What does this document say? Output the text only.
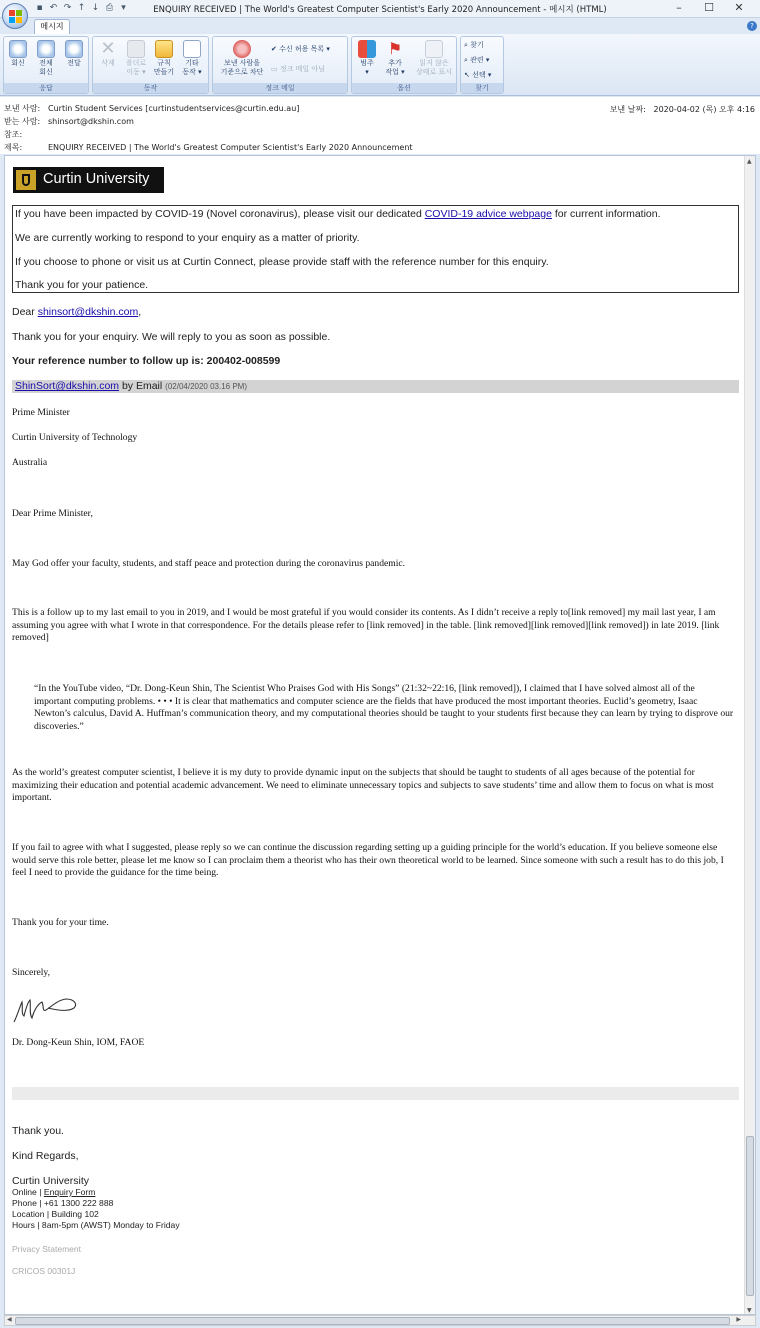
▪ ↶ ↷ ↑ ↓ ⎙ ▾	ENQUIRY RECEIVED | The World's Greatest Computer Scientist's Early 2020 Announcement - 메시지 (HTML)	–	☐	✕
메시지	?
회신	전체
회신
전달
응답
✕
삭제	폴더로
이동 ▾
규칙
만들기
기타
동작 ▾
동작
보낸 사람을
기준으로 차단
✔ 수신 허용 목록 ▾
▭ 정크 메일 아님
정크 메일
범주
▾
⚑
추가
작업 ▾
읽지 않은
상태로 표시
옵션
⌕ 찾기
⌕ 관련 ▾
↖ 선택 ▾
찾기
보낸 사람: Curtin Student Services [curtinstudentservices@curtin.edu.au]
받는 사람: shinsort@dkshin.com
참조:
제목:	ENQUIRY RECEIVED | The World's Greatest Computer Scientist's Early 2020 Announcement
보낸 날짜: 2020-04-02 (목) 오후 4:16
Curtin University

If you have been impacted by COVID-19 (Novel coronavirus), please visit our dedicated COVID-19 advice webpage for current information.

We are currently working to respond to your enquiry as a matter of priority.

If you choose to phone or visit us at Curtin Connect, please provide staff with the reference number for this enquiry.

Thank you for your patience.

Dear shinsort@dkshin.com,

Thank you for your enquiry. We will reply to you as soon as possible.

Your reference number to follow up is: 200402-008599

ShinSort@dkshin.com by Email (02/04/2020 03.16 PM)

Prime Minister

Curtin University of Technology

Australia

Dear Prime Minister,

May God offer your faculty, students, and staff peace and protection during the coronavirus pandemic.

This is a follow up to my last email to you in 2019, and I would be most grateful if you would consider its contents. As I didn’t receive a reply to[link removed] my mail last year, I am assuming you agree with what I wrote in that correspondence. For the details please refer to [link removed] in the table. [link removed][link removed][link removed]) in late 2019. [link removed]

“In the YouTube video, “Dr. Dong-Keun Shin, The Scientist Who Praises God with His Songs” (21:32~22:16, [link removed]), I claimed that I have solved almost all of the important computing problems. • • • It is clear that mathematics and computer science are the fields that have produced the most important theories. Euclid’s geometry, Isaac Newton’s calculus, David A. Huffman’s communication theory, and my computational theories should be taught to your students first because they can learn by trying to disprove our discoveries.”

As the world’s greatest computer scientist, I believe it is my duty to provide dynamic input on the subjects that should be taught to students of all ages because of the potential for maximizing their education and potential academic advancement. We need to eliminate unnecessary topics and subjects to save students’ time and allow them to focus on what is most important.

If you fail to agree with what I suggested, please reply so we can continue the discussion regarding setting up a guiding principle for the world’s education. If you believe someone else would serve this role better, please let me know so I can proclaim them a theorist who has their own theoretical world to be learned. Since someone with such a result has to do this job, I feel I need to provide the guidance for the time being.

Thank you for your time.

Sincerely,

Dr. Dong-Keun Shin, IOM, FAOE

Thank you.

Kind Regards,

Curtin University

Online | Enquiry Form

Phone | +61 1300 222 888

Location | Building 102

Hours | 8am-5pm (AWST) Monday to Friday

Privacy Statement

CRICOS 00301J

▲
▼
◀	▶
